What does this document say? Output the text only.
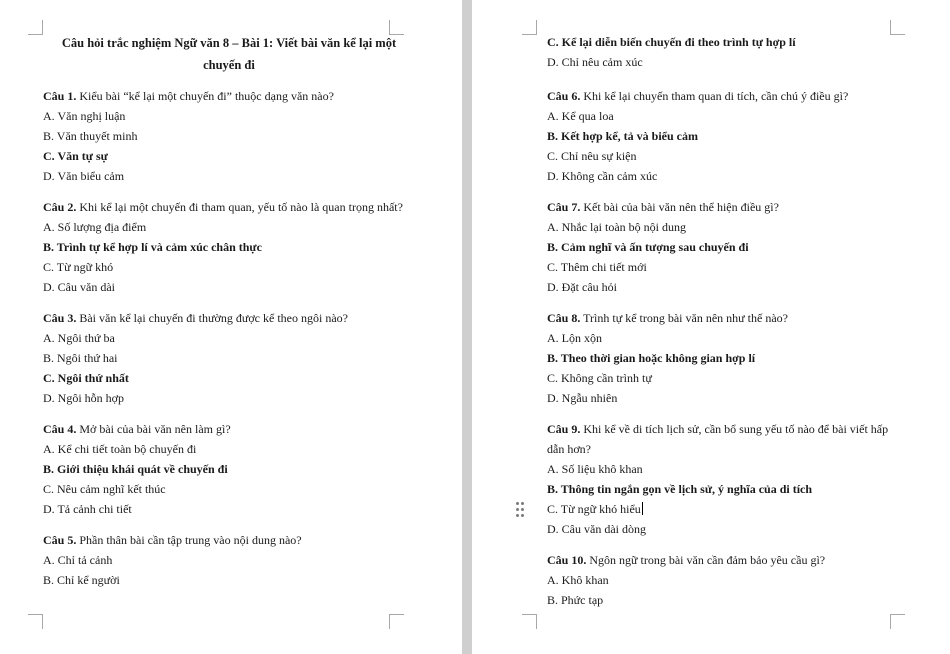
Câu hỏi trắc nghiệm Ngữ văn 8 – Bài 1: Viết bài văn kể lại một
chuyến đi
Câu 1. Kiểu bài “kể lại một chuyến đi” thuộc dạng văn nào?
A. Văn nghị luận
B. Văn thuyết minh
C. Văn tự sự
D. Văn biểu cảm
Câu 2. Khi kể lại một chuyến đi tham quan, yếu tố nào là quan trọng nhất?
A. Số lượng địa điểm
B. Trình tự kể hợp lí và cảm xúc chân thực
C. Từ ngữ khó
D. Câu văn dài
Câu 3. Bài văn kể lại chuyến đi thường được kể theo ngôi nào?
A. Ngôi thứ ba
B. Ngôi thứ hai
C. Ngôi thứ nhất
D. Ngôi hỗn hợp
Câu 4. Mở bài của bài văn nên làm gì?
A. Kể chi tiết toàn bộ chuyến đi
B. Giới thiệu khái quát về chuyến đi
C. Nêu cảm nghĩ kết thúc
D. Tả cảnh chi tiết
Câu 5. Phần thân bài cần tập trung vào nội dung nào?
A. Chỉ tả cảnh
B. Chỉ kể người
C. Kể lại diễn biến chuyến đi theo trình tự hợp lí
D. Chỉ nêu cảm xúc
Câu 6. Khi kể lại chuyến tham quan di tích, cần chú ý điều gì?
A. Kể qua loa
B. Kết hợp kể, tả và biểu cảm
C. Chỉ nêu sự kiện
D. Không cần cảm xúc
Câu 7. Kết bài của bài văn nên thể hiện điều gì?
A. Nhắc lại toàn bộ nội dung
B. Cảm nghĩ và ấn tượng sau chuyến đi
C. Thêm chi tiết mới
D. Đặt câu hỏi
Câu 8. Trình tự kể trong bài văn nên như thế nào?
A. Lộn xộn
B. Theo thời gian hoặc không gian hợp lí
C. Không cần trình tự
D. Ngẫu nhiên
Câu 9. Khi kể về di tích lịch sử, cần bổ sung yếu tố nào để bài viết hấp
dẫn hơn?
A. Số liệu khô khan
B. Thông tin ngắn gọn về lịch sử, ý nghĩa của di tích
C. Từ ngữ khó hiểu
D. Câu văn dài dòng
Câu 10. Ngôn ngữ trong bài văn cần đảm bảo yêu cầu gì?
A. Khô khan
B. Phức tạp
